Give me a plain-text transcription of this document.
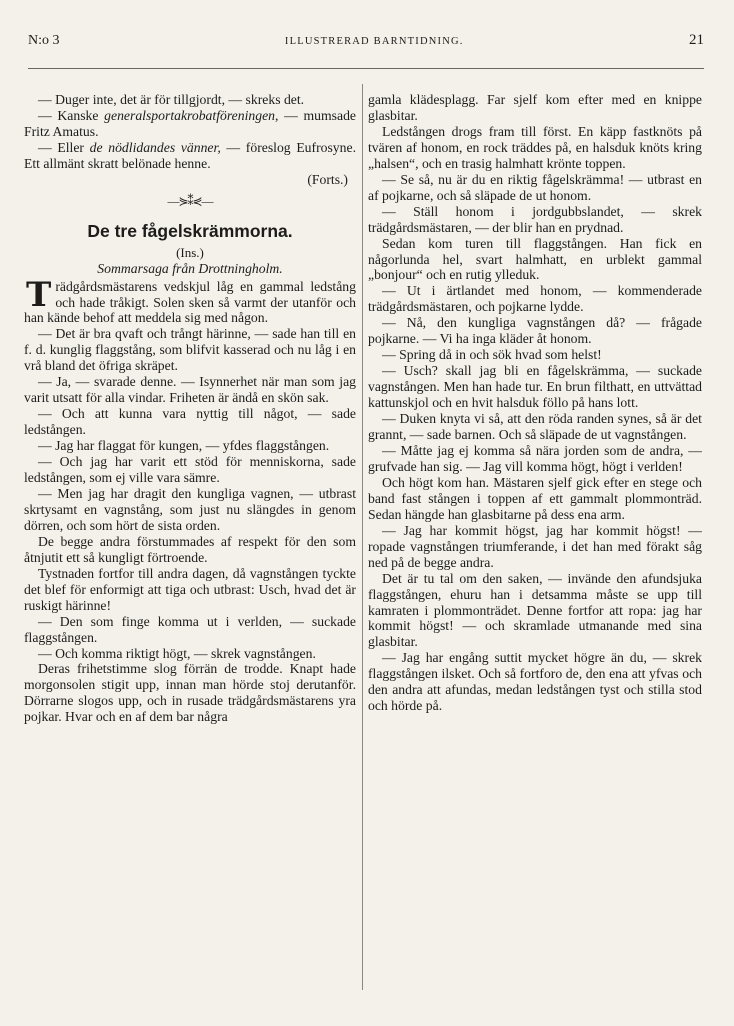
N:o 3	ILLUSTRERAD BARNTIDNING.	21

— Duger inte, det är för tillgjordt, — skreks det.

— Kanske generalsportakrobatföreningen, — mumsade Fritz Amatus.

— Eller de nödlidandes vänner, — föreslog Eufrosyne. Ett allmänt skratt belönade henne.

(Forts.)

—⋟⁑⋞—

De tre fågelskrämmorna.

(Ins.)

Sommarsaga från Drottningholm.

Trädgårdsmästarens vedskjul låg en gammal ledstång och hade tråkigt. Solen sken så varmt der utanför och han kände behof att meddela sig med någon.

— Det är bra qvaft och trångt härinne, — sade han till en f. d. kunglig flaggstång, som blifvit kasserad och nu låg i en vrå bland det öfriga skräpet.

— Ja, — svarade denne. — Isynnerhet när man som jag varit utsatt för alla vindar. Friheten är ändå en skön sak.

— Och att kunna vara nyttig till något, — sade ledstången.

— Jag har flaggat för kungen, — yfdes flaggstången.

— Och jag har varit ett stöd för menniskorna, sade ledstången, som ej ville vara sämre.

— Men jag har dragit den kungliga vagnen, — utbrast skrtysamt en vagnstång, som just nu slängdes in genom dörren, och som hört de sista orden.

De begge andra förstummades af respekt för den som åtnjutit ett så kungligt förtroende.

Tystnaden fortfor till andra dagen, då vagnstången tyckte det blef för enformigt att tiga och utbrast: Usch, hvad det är ruskigt härinne!

— Den som finge komma ut i verlden, — suckade flaggstången.

— Och komma riktigt högt, — skrek vagnstången.

Deras frihetstimme slog förrän de trodde. Knapt hade morgonsolen stigit upp, innan man hörde stoj derutanför. Dörrarne slogos upp, och in rusade trädgårdsmästarens yra pojkar. Hvar och en af dem bar några

gamla klädesplagg. Far sjelf kom efter med en knippe glasbitar.

Ledstången drogs fram till först. En käpp fastknöts på tvären af honom, en rock träddes på, en halsduk knöts kring „halsen“, och en trasig halmhatt krönte toppen.

— Se så, nu är du en riktig fågelskrämma! — utbrast en af pojkarne, och så släpade de ut honom.

— Ställ honom i jordgubbslandet, — skrek trädgårdsmästaren, — der blir han en prydnad.

Sedan kom turen till flaggstången. Han fick en någorlunda hel, svart halmhatt, en urblekt gammal „bonjour“ och en rutig ylleduk.

— Ut i ärtlandet med honom, — kommenderade trädgårdsmästaren, och pojkarne lydde.

— Nå, den kungliga vagnstången då? — frågade pojkarne. — Vi ha inga kläder åt honom.

— Spring då in och sök hvad som helst!

— Usch? skall jag bli en fågelskrämma, — suckade vagnstången. Men han hade tur. En brun filthatt, en uttvättad kattunskjol och en hvit halsduk föllo på hans lott.

— Duken knyta vi så, att den röda randen synes, så är det grannt, — sade barnen. Och så släpade de ut vagnstången.

— Måtte jag ej komma så nära jorden som de andra, — grufvade han sig. — Jag vill komma högt, högt i verlden!

Och högt kom han. Mästaren sjelf gick efter en stege och band fast stången i toppen af ett gammalt plommonträd. Sedan hängde han glasbitarne på dess ena arm.

— Jag har kommit högst, jag har kommit högst! — ropade vagnstången triumferande, i det han med förakt såg ned på de begge andra.

Det är tu tal om den saken, — invände den afundsjuka flaggstången, ehuru han i detsamma måste se upp till kamraten i plommonträdet. Denne fortfor att ropa: jag har kommit högst! — och skramlade utmanande med sina glasbitar.

— Jag har engång suttit mycket högre än du, — skrek flaggstången ilsket. Och så fortforo de, den ena att yfvas och den andra att afundas, medan ledstången tyst och stilla stod och hörde på.
